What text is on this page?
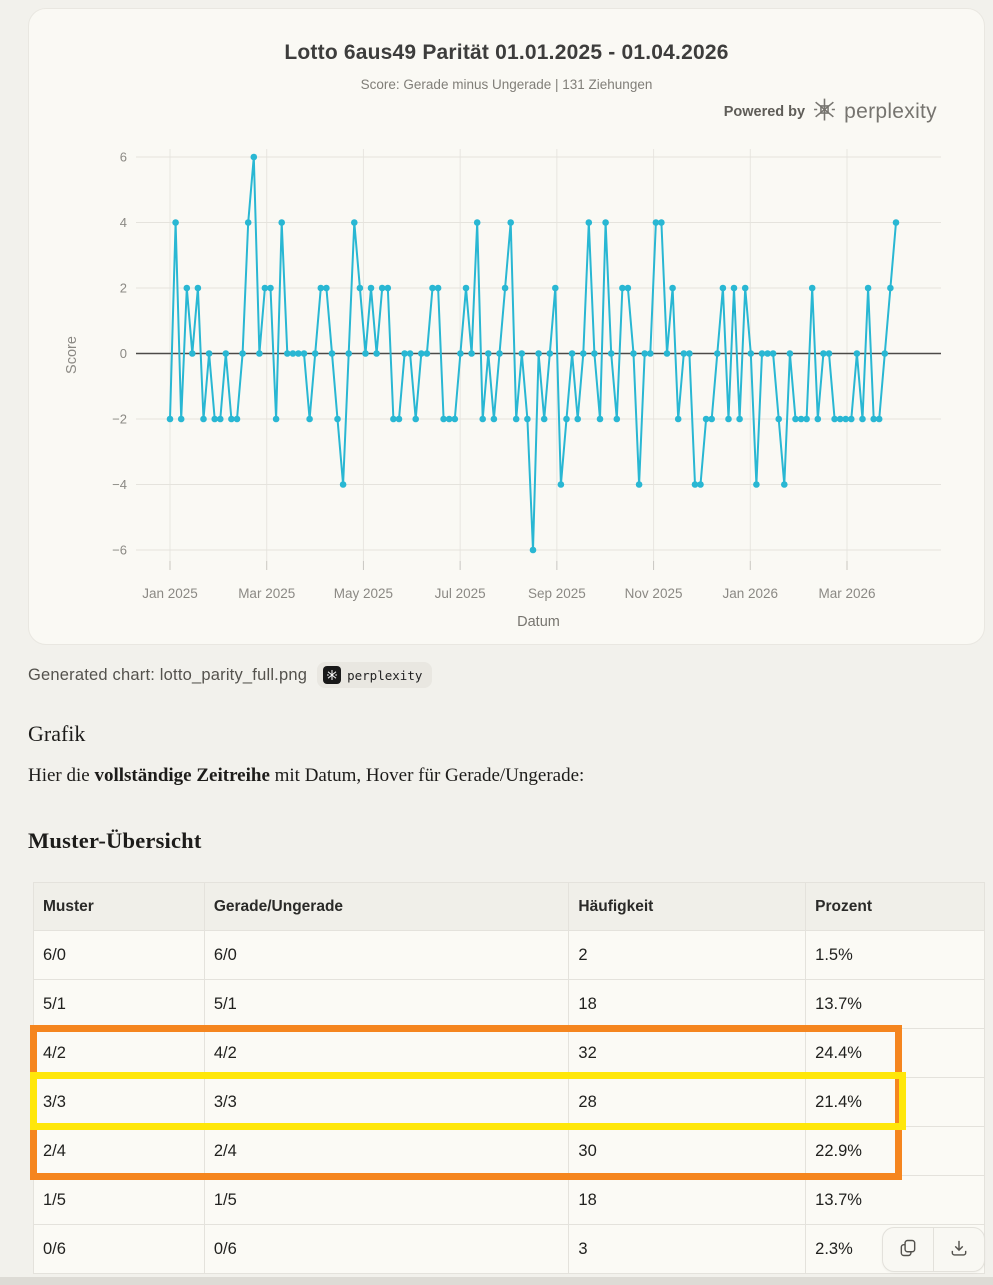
Jan 2025	Mar 2025	May 2025	Jul 2025	Sep 2025	Nov 2025	Jan 2026	Mar 2026
6
4
2
0
−2
−4
−6
Datum
Score
Lotto 6aus49 Parität 01.01.2025 - 01.04.2026
Score: Gerade minus Ungerade | 131 Ziehungen
Powered by perplexity
Generated chart: lotto_parity_full.png	perplexity
Grafik
Hier die vollständige Zeitreihe mit Datum, Hover für Gerade/Ungerade:
Muster-Übersicht
Muster	Gerade/Ungerade	Häufigkeit	Prozent
6/0	6/0	2	1.5%
5/1	5/1	18	13.7%
4/2	4/2	32	24.4%
3/3	3/3	28	21.4%
2/4	2/4	30	22.9%
1/5	1/5	18	13.7%
0/6	0/6	3	2.3%
